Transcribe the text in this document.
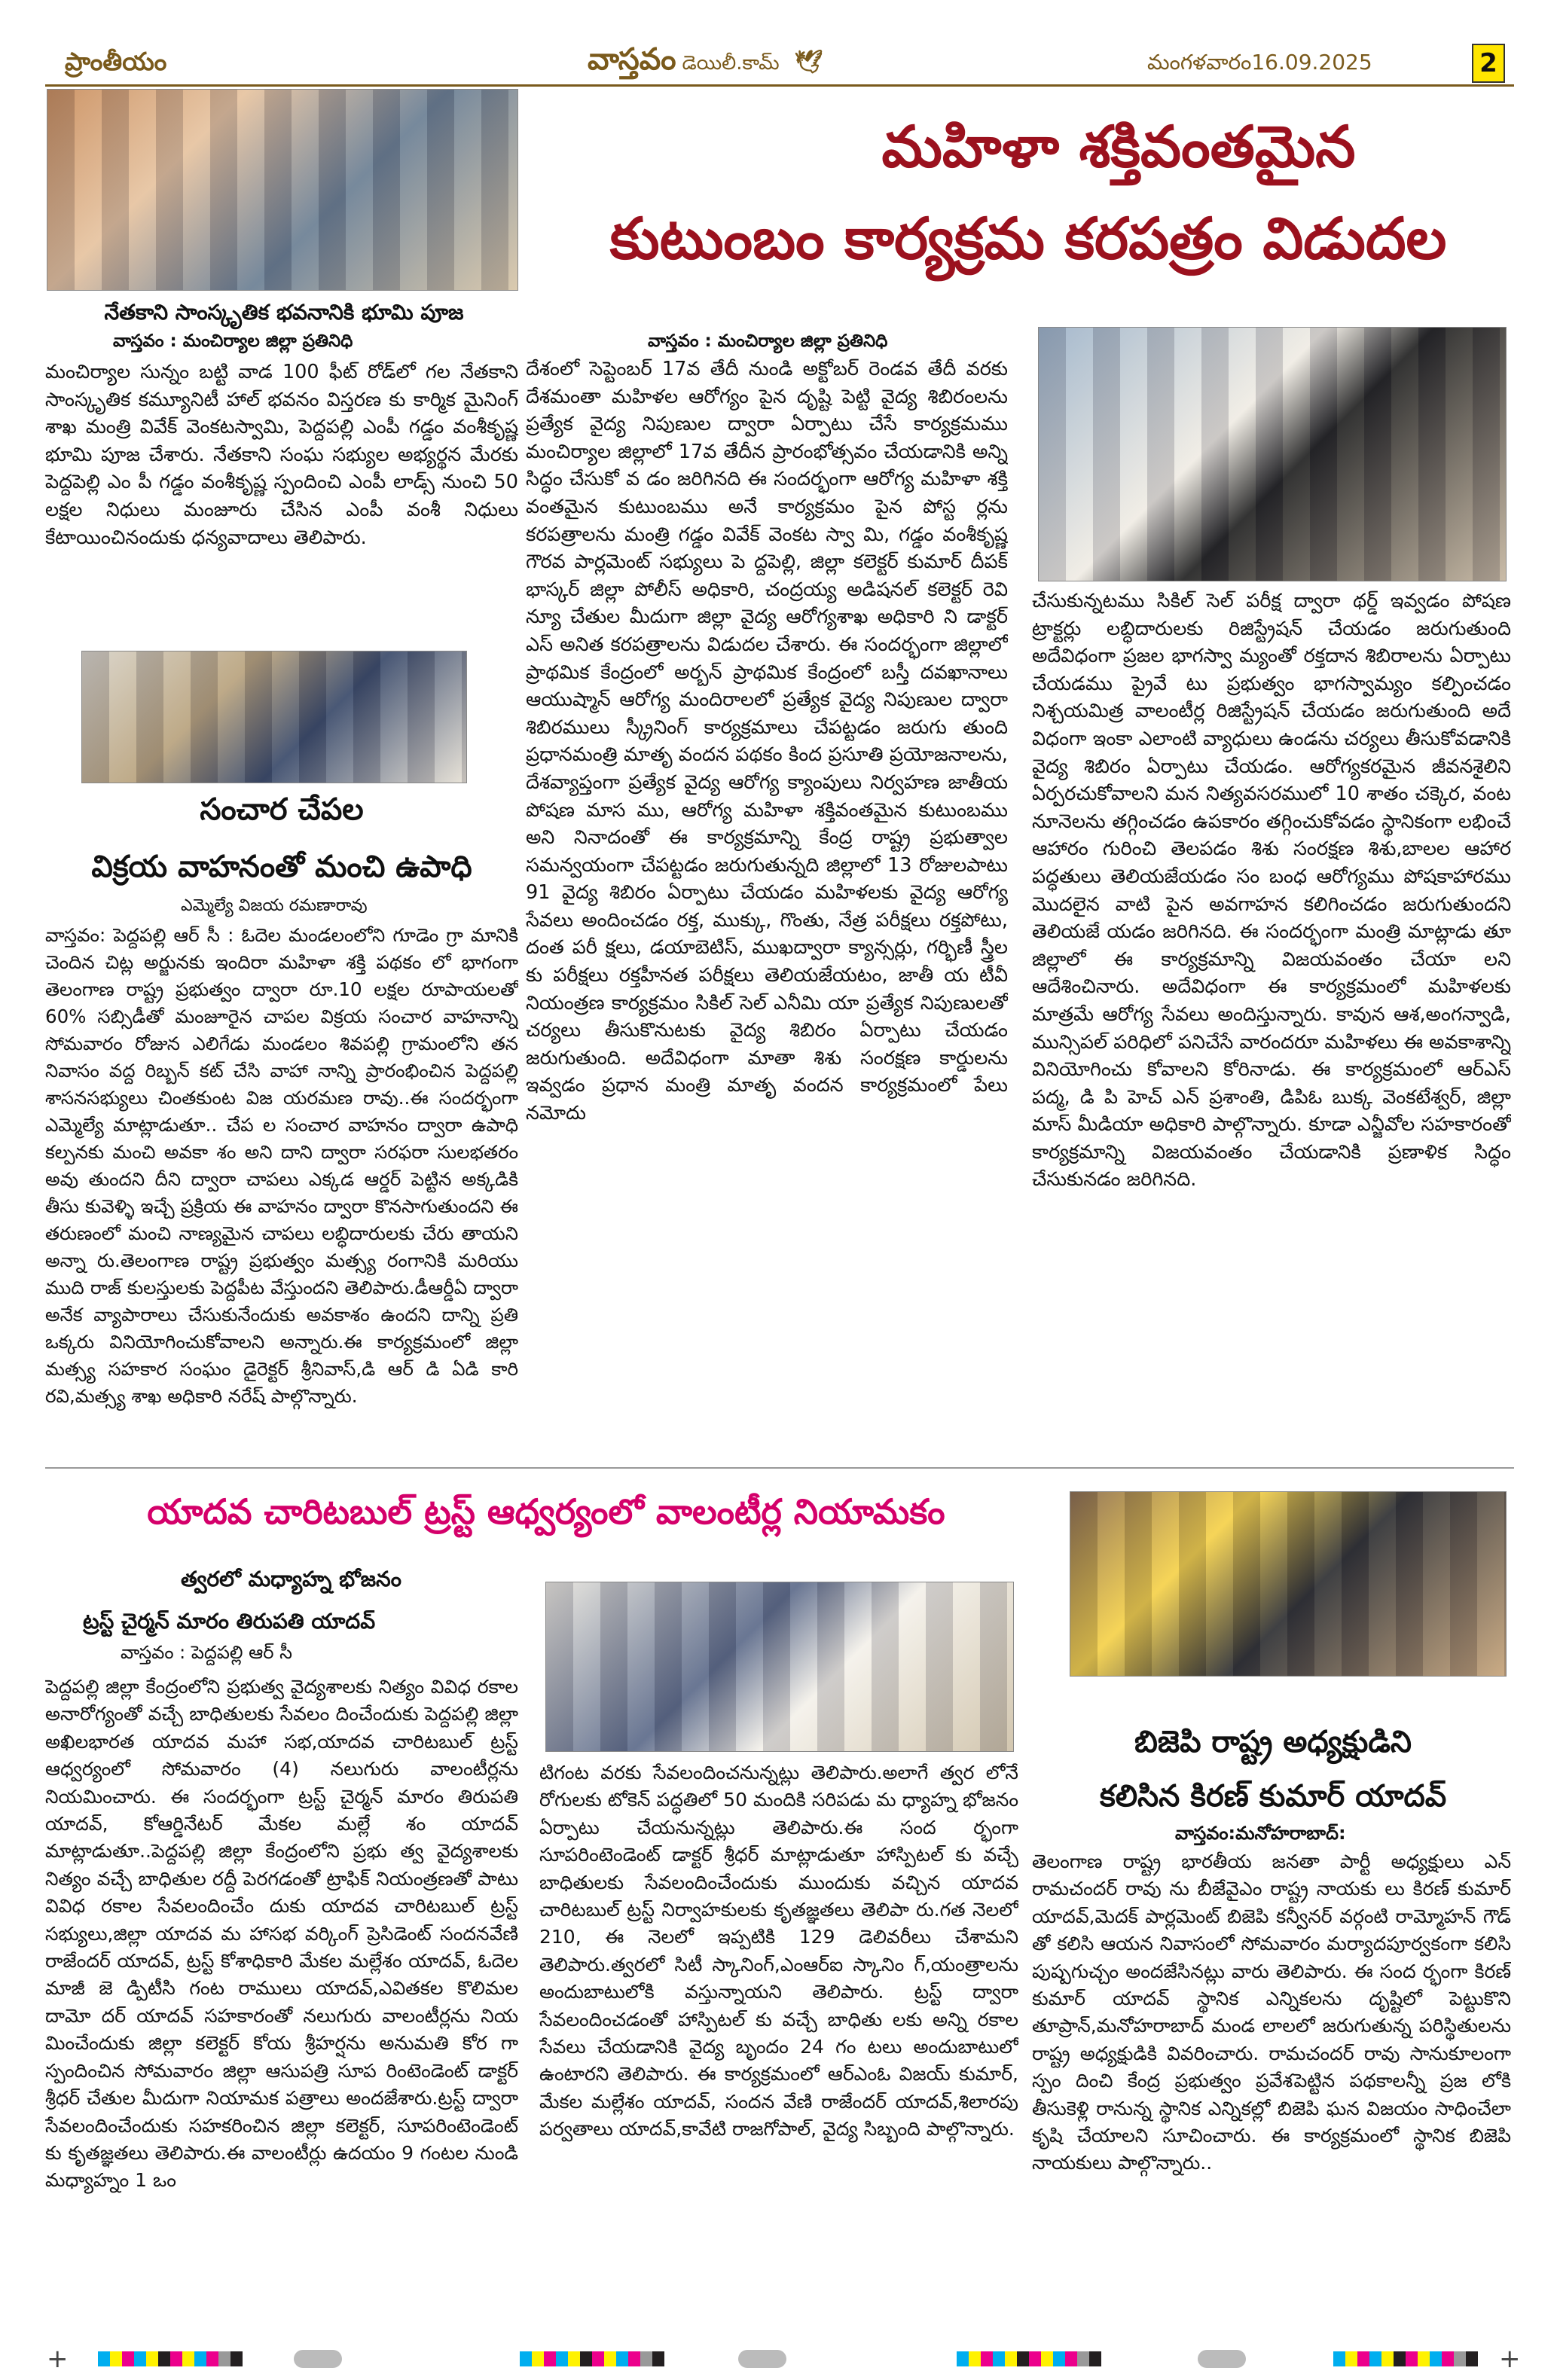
ప్రాంతీయం	వాస్తవం డెయిలీ.కామ్ 🕊	మంగళవారం16.09.2025	2
నేతకాని సాంస్కృతిక భవనానికి భూమి పూజ
వాస్తవం : మంచిర్యాల జిల్లా ప్రతినిధి
మంచిర్యాల సున్నం బట్టి వాడ 100 ఫీట్ రోడ్‌లో గల నేతకాని సాంస్కృతిక కమ్యూనిటీ హాల్ భవనం విస్తరణ కు కార్మిక మైనింగ్ శాఖ మంత్రి వివేక్ వెంకటస్వామి, పెద్దపల్లి ఎంపీ గడ్డం వంశీకృష్ణ భూమి పూజ చేశారు. నేతకాని సంఘ సభ్యుల అభ్యర్థన మేరకు పెద్దపెల్లి ఎం పీ గడ్డం వంశీకృష్ణ స్పందించి ఎంపీ లాడ్స్ నుంచి 50 లక్షల నిధులు మంజూరు చేసిన ఎంపీ వంశీ నిధులు కేటాయించినందుకు ధన్యవాదాలు తెలిపారు.
సంచార చేపల
విక్రయ వాహనంతో మంచి ఉపాధి
ఎమ్మెల్యే విజయ రమణారావు
వాస్తవం: పెద్దపల్లి ఆర్ సీ : ఓదెల మండలంలోని గూడెం గ్రా మానికి చెందిన చిట్ల అర్జునకు ఇందిరా మహిళా శక్తి పథకం లో భాగంగా తెలంగాణ రాష్ట్ర ప్రభుత్వం ద్వారా రూ.10 లక్షల రూపాయలతో 60% సబ్సిడీతో మంజూరైన చాపల విక్రయ సంచార వాహనాన్ని సోమవారం రోజున ఎలిగేడు మండలం శివపల్లి గ్రామంలోని తన నివాసం వద్ద రిబ్బన్ కట్ చేసి వాహా నాన్ని ప్రారంభించిన పెద్దపల్లి శాసనసభ్యులు చింతకుంట విజ యరమణ రావు..ఈ సందర్భంగా ఎమ్మెల్యే మాట్లాడుతూ.. చేప ల సంచార వాహనం ద్వారా ఉపాధి కల్పనకు మంచి అవకా శం అని దాని ద్వారా సరఫరా సులభతరం అవు తుందని దీని ద్వారా చాపలు ఎక్కడ ఆర్డర్ పెట్టిన అక్కడికి తీసు కువెళ్ళి ఇచ్చే ప్రక్రియ ఈ వాహనం ద్వారా కొనసాగుతుందని ఈ తరుణంలో మంచి నాణ్యమైన చాపలు లబ్ధిదారులకు చేరు తాయని అన్నా రు.తెలంగాణ రాష్ట్ర ప్రభుత్వం మత్స్య రంగానికి మరియు ముది రాజ్ కులస్తులకు పెద్దపీట వేస్తుందని తెలిపారు.డీఆర్డీఏ ద్వారా అనేక వ్యాపారాలు చేసుకునేందుకు అవకాశం ఉందని దాన్ని ప్రతి ఒక్కరు వినియోగించుకోవాలని అన్నారు.ఈ కార్యక్రమంలో జిల్లా మత్స్య సహకార సంఘం డైరెక్టర్ శ్రీనివాస్,డి ఆర్ డి ఏడి కారి రవి,మత్స్య శాఖ అధికారి నరేష్ పాల్గొన్నారు.
మహిళా శక్తివంతమైన
కుటుంబం కార్యక్రమ కరపత్రం విడుదల
వాస్తవం : మంచిర్యాల జిల్లా ప్రతినిధి
దేశంలో సెప్టెంబర్ 17వ తేదీ నుండి అక్టోబర్ రెండవ తేదీ వరకు దేశమంతా మహిళల ఆరోగ్యం పైన దృష్టి పెట్టి వైద్య శిబిరంలను ప్రత్యేక వైద్య నిపుణుల ద్వారా ఏర్పాటు చేసే కార్యక్రమము మంచిర్యాల జిల్లాలో 17వ తేదీన ప్రారంభోత్సవం చేయడానికి అన్ని సిద్ధం చేసుకో వ డం జరిగినది ఈ సందర్భంగా ఆరోగ్య మహిళా శక్తి వంతమైన కుటుంబము అనే కార్యక్రమం పైన పోస్ట ర్లను కరపత్రాలను మంత్రి గడ్డం వివేక్ వెంకట స్వా మి, గడ్డం వంశీకృష్ణ గౌరవ పార్లమెంట్ సభ్యులు పె ద్దపెల్లి, జిల్లా కలెక్టర్ కుమార్ దీపక్ భాస్కర్ జిల్లా పోలీస్ అధికారి, చంద్రయ్య అడిషనల్ కలెక్టర్ రెవి న్యూ చేతుల మీదుగా జిల్లా వైద్య ఆరోగ్యశాఖ అధికారి ని డాక్టర్ ఎస్ అనిత కరపత్రాలను విడుదల చేశారు. ఈ సందర్భంగా జిల్లాలో ప్రాథమిక కేంద్రంలో అర్బన్ ప్రాథమిక కేంద్రంలో బస్తీ దవఖానాలు ఆయుష్మాన్ ఆరోగ్య మందిరాలలో ప్రత్యేక వైద్య నిపుణుల ద్వారా శిబిరములు స్క్రీనింగ్ కార్యక్రమాలు చేపట్టడం జరుగు తుంది ప్రధానమంత్రి మాతృ వందన పథకం కింద ప్రసూతి ప్రయోజనాలను, దేశవ్యాప్తంగా ప్రత్యేక వైద్య ఆరోగ్య క్యాంపులు నిర్వహణ జాతీయ పోషణ మాస ము, ఆరోగ్య మహిళా శక్తివంతమైన కుటుంబము అని నినాదంతో ఈ కార్యక్రమాన్ని కేంద్ర రాష్ట్ర ప్రభుత్వాల సమన్వయంగా చేపట్టడం జరుగుతున్నది జిల్లాలో 13 రోజులపాటు 91 వైద్య శిబిరం ఏర్పాటు చేయడం మహిళలకు వైద్య ఆరోగ్య సేవలు అందించడం రక్త, ముక్కు, గొంతు, నేత్ర పరీక్షలు రక్తపోటు, దంత పరీ క్షలు, డయాబెటిస్, ముఖద్వారా క్యాన్సర్లు, గర్భిణీ స్త్రీల కు పరీక్షలు రక్తహీనత పరీక్షలు తెలియజేయటం, జాతీ య టీవీ నియంత్రణ కార్యక్రమం సికిల్ సెల్ ఎనీమి యా ప్రత్యేక నిపుణులతో చర్యలు తీసుకొనుటకు వైద్య శిబిరం ఏర్పాటు చేయడం జరుగుతుంది. అదేవిధంగా మాతా శిశు సంరక్షణ కార్డులను ఇవ్వడం ప్రధాన మంత్రి మాతృ వందన కార్యక్రమంలో పేలు నమోదు
చేసుకున్నటము సికిల్ సెల్ పరీక్ష ద్వారా థర్డ్ ఇవ్వడం పోషణ ట్రాక్టర్లు లబ్ధిదారులకు రిజిస్ట్రేషన్ చేయడం జరుగుతుంది అదేవిధంగా ప్రజల భాగస్వా మ్యంతో రక్తదాన శిబిరాలను ఏర్పాటు చేయడము ప్రైవే టు ప్రభుత్వం భాగస్వామ్యం కల్పించడం నిశ్చయమిత్ర వాలంటీర్ల రిజిస్ట్రేషన్ చేయడం జరుగుతుంది అదే విధంగా ఇంకా ఎలాంటి వ్యాధులు ఉండను చర్యలు తీసుకోవడానికి వైద్య శిబిరం ఏర్పాటు చేయడం. ఆరోగ్యకరమైన జీవనశైలిని ఏర్పరచుకోవాలని మన నిత్యవసరములో 10 శాతం చక్కెర, వంట నూనెలను తగ్గించడం ఉపకారం తగ్గించుకోవడం స్థానికంగా లభించే ఆహారం గురించి తెలపడం శిశు సంరక్షణ శిశు,బాలల ఆహార పద్ధతులు తెలియజేయడం సం బంధ ఆరోగ్యము పోషకాహారము మొదలైన వాటి పైన అవగాహన కలిగించడం జరుగుతుందని తెలియజే యడం జరిగినది. ఈ సందర్భంగా మంత్రి మాట్లాడు తూ జిల్లాలో ఈ కార్యక్రమాన్ని విజయవంతం చేయా లని ఆదేశించినారు. అదేవిధంగా ఈ కార్యక్రమంలో మహిళలకు మాత్రమే ఆరోగ్య సేవలు అందిస్తున్నారు. కావున ఆశ,అంగన్వాడి, మున్సిపల్ పరిధిలో పనిచేసే వారందరూ మహిళలు ఈ అవకాశాన్ని వినియోగించు కోవాలని కోరినాడు. ఈ కార్యక్రమంలో ఆర్ఎస్ పద్మ, డి పి హెచ్ ఎన్ ప్రశాంతి, డిపిఓ బుక్క వెంకటేశ్వర్, జిల్లా మాస్ మీడియా అధికారి పాల్గొన్నారు. కూడా ఎన్జీవోల సహకారంతో కార్యక్రమాన్ని విజయవంతం చేయడానికి ప్రణాళిక సిద్ధం చేసుకునడం జరిగినది.
యాదవ చారిటబుల్ ట్రస్ట్ ఆధ్వర్యంలో వాలంటీర్ల నియామకం
త్వరలో మధ్యాహ్న భోజనం
ట్రస్ట్ చైర్మన్ మారం తిరుపతి యాదవ్
వాస్తవం : పెద్దపల్లి ఆర్ సీ
పెద్దపల్లి జిల్లా కేంద్రంలోని ప్రభుత్వ వైద్యశాలకు నిత్యం వివిధ రకాల అనారోగ్యంతో వచ్చే బాధితులకు సేవలం దించేందుకు పెద్దపల్లి జిల్లా అఖిలభారత యాదవ మహా సభ,యాదవ చారిటబుల్ ట్రస్ట్ ఆధ్వర్యంలో సోమవారం (4) నలుగురు వాలంటీర్లను నియమించారు. ఈ సందర్భంగా ట్రస్ట్ చైర్మన్ మారం తిరుపతి యాదవ్, కోఆర్డినేటర్ మేకల మల్లే శం యాదవ్ మాట్లాడుతూ..పెద్దపల్లి జిల్లా కేంద్రంలోని ప్రభు త్వ వైద్యశాలకు నిత్యం వచ్చే బాధితుల రద్దీ పెరగడంతో ట్రాఫిక్ నియంత్రణతో పాటు వివిధ రకాల సేవలందించేం దుకు యాదవ చారిటబుల్ ట్రస్ట్ సభ్యులు,జిల్లా యాదవ మ హాసభ వర్కింగ్ ప్రెసిడెంట్ సందనవేణి రాజేందర్ యాదవ్, ట్రస్ట్ కోశాధికారి మేకల మల్లేశం యాదవ్, ఓదెల మాజీ జె డ్పిటీసి గంట రాములు యాదవ్,ఎవితకల కొలిమల దామో దర్ యాదవ్ సహకారంతో నలుగురు వాలంటీర్లను నియ మించేందుకు జిల్లా కలెక్టర్ కోయ శ్రీహర్షను అనుమతి కోర గా స్పందించిన సోమవారం జిల్లా ఆసుపత్రి సూప రింటెండెంట్ డాక్టర్ శ్రీధర్ చేతుల మీదుగా నియామక పత్రాలు అందజేశారు.ట్రస్ట్ ద్వారా సేవలందించేందుకు సహకరించిన జిల్లా కలెక్టర్, సూపరింటెండెంట్ కు కృతజ్ఞతలు తెలిపారు.ఈ వాలంటీర్లు ఉదయం 9 గంటల నుండి మధ్యాహ్నం 1 ఒం
టిగంట వరకు సేవలందించనున్నట్లు తెలిపారు.అలాగే త్వర లోనే రోగులకు టోకెన్ పద్ధతిలో 50 మందికి సరిపడు మ ధ్యాహ్న భోజనం ఏర్పాటు చేయనున్నట్లు తెలిపారు.ఈ సంద ర్భంగా సూపరింటెండెంట్ డాక్టర్ శ్రీధర్ మాట్లాడుతూ హాస్పిటల్ కు వచ్చే బాధితులకు సేవలందించేందుకు ముందుకు వచ్చిన యాదవ చారిటబుల్ ట్రస్ట్ నిర్వాహకులకు కృతజ్ఞతలు తెలిపా రు.గత నెలలో 210, ఈ నెలలో ఇప్పటికి 129 డెలివరీలు చేశామని తెలిపారు.త్వరలో సిటీ స్కానింగ్,ఎంఆర్ఐ స్కానిం గ్,యంత్రాలను అందుబాటులోకి వస్తున్నాయని తెలిపారు. ట్రస్ట్ ద్వారా సేవలందించడంతో హాస్పిటల్ కు వచ్చే బాధితు లకు అన్ని రకాల సేవలు చేయడానికి వైద్య బృందం 24 గం టలు అందుబాటులో ఉంటారని తెలిపారు. ఈ కార్యక్రమంలో ఆర్ఎంఓ విజయ్ కుమార్, మేకల మల్లేశం యాదవ్, సందన వేణి రాజేందర్ యాదవ్,శిలారపు పర్వతాలు యాదవ్,కావేటి రాజగోపాల్, వైద్య సిబ్బంది పాల్గొన్నారు.
బిజెపి రాష్ట్ర అధ్యక్షుడిని
కలిసిన కిరణ్ కుమార్ యాదవ్
వాస్తవం:మనోహరాబాద్:
తెలంగాణ రాష్ట్ర భారతీయ జనతా పార్టీ అధ్యక్షులు ఎన్ రామచందర్ రావు ను బీజేవైఎం రాష్ట్ర నాయకు లు కిరణ్ కుమార్ యాదవ్,మెదక్ పార్లమెంట్ బిజెపి కన్వీనర్ వర్గంటి రామ్మోహన్ గౌడ్ తో కలిసి ఆయన నివాసంలో సోమవారం మర్యాదపూర్వకంగా కలిసి పుష్పగుచ్చం అందజేసినట్లు వారు తెలిపారు. ఈ సంద ర్భంగా కిరణ్ కుమార్ యాదవ్ స్థానిక ఎన్నికలను దృష్టిలో పెట్టుకొని తూప్రాన్,మనోహరాబాద్ మండ లాలలో జరుగుతున్న పరిస్థితులను రాష్ట్ర అధ్యక్షుడికి వివరించారు. రామచందర్ రావు సానుకూలంగా స్పం దించి కేంద్ర ప్రభుత్వం ప్రవేశపెట్టిన పథకాలన్నీ ప్రజ లోకి తీసుకెళ్లి రానున్న స్థానిక ఎన్నికల్లో బిజెపి ఘన విజయం సాధించేలా కృషి చేయాలని సూచించారు. ఈ కార్యక్రమంలో స్థానిక బిజెపి నాయకులు పాల్గొన్నారు..
+	+
